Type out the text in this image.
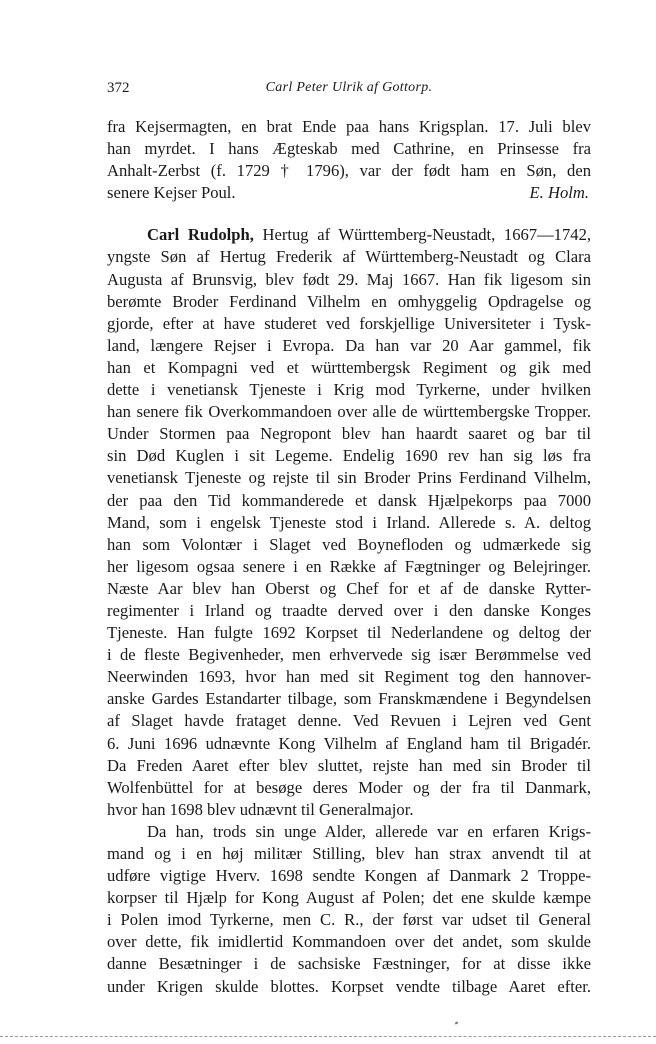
372	Carl Peter Ulrik af Gottorp.
fra Kejsermagten, en brat Ende paa hans Krigsplan. 17. Juli blev
han myrdet. I hans Ægteskab med Cathrine, en Prinsesse fra
Anhalt-Zerbst (f. 1729 † 1796), var der født ham en Søn, den
senere Kejser Poul.	E. Holm.
Carl Rudolph, Hertug af Württemberg-Neustadt, 1667—1742,
yngste Søn af Hertug Frederik af Württemberg-Neustadt og Clara
Augusta af Brunsvig, blev født 29. Maj 1667. Han fik ligesom sin
berømte Broder Ferdinand Vilhelm en omhyggelig Opdragelse og
gjorde, efter at have studeret ved forskjellige Universiteter i Tysk-
land, længere Rejser i Evropa. Da han var 20 Aar gammel, fik
han et Kompagni ved et württembergsk Regiment og gik med
dette i venetiansk Tjeneste i Krig mod Tyrkerne, under hvilken
han senere fik Overkommandoen over alle de württembergske Tropper.
Under Stormen paa Negropont blev han haardt saaret og bar til
sin Død Kuglen i sit Legeme. Endelig 1690 rev han sig løs fra
venetiansk Tjeneste og rejste til sin Broder Prins Ferdinand Vilhelm,
der paa den Tid kommanderede et dansk Hjælpekorps paa 7000
Mand, som i engelsk Tjeneste stod i Irland. Allerede s. A. deltog
han som Volontær i Slaget ved Boynefloden og udmærkede sig
her ligesom ogsaa senere i en Række af Fægtninger og Belejringer.
Næste Aar blev han Oberst og Chef for et af de danske Rytter-
regimenter i Irland og traadte derved over i den danske Konges
Tjeneste. Han fulgte 1692 Korpset til Nederlandene og deltog der
i de fleste Begivenheder, men erhvervede sig især Berømmelse ved
Neerwinden 1693, hvor han med sit Regiment tog den hannover-
anske Gardes Estandarter tilbage, som Franskmændene i Begyndelsen
af Slaget havde frataget denne. Ved Revuen i Lejren ved Gent
6. Juni 1696 udnævnte Kong Vilhelm af England ham til Brigadér.
Da Freden Aaret efter blev sluttet, rejste han med sin Broder til
Wolfenbüttel for at besøge deres Moder og der fra til Danmark,
hvor han 1698 blev udnævnt til Generalmajor.
Da han, trods sin unge Alder, allerede var en erfaren Krigs-
mand og i en høj militær Stilling, blev han strax anvendt til at
udføre vigtige Hverv. 1698 sendte Kongen af Danmark 2 Troppe-
korpser til Hjælp for Kong August af Polen; det ene skulde kæmpe
i Polen imod Tyrkerne, men C. R., der først var udset til General
over dette, fik imidlertid Kommandoen over det andet, som skulde
danne Besætninger i de sachsiske Fæstninger, for at disse ikke
under Krigen skulde blottes. Korpset vendte tilbage Aaret efter.
